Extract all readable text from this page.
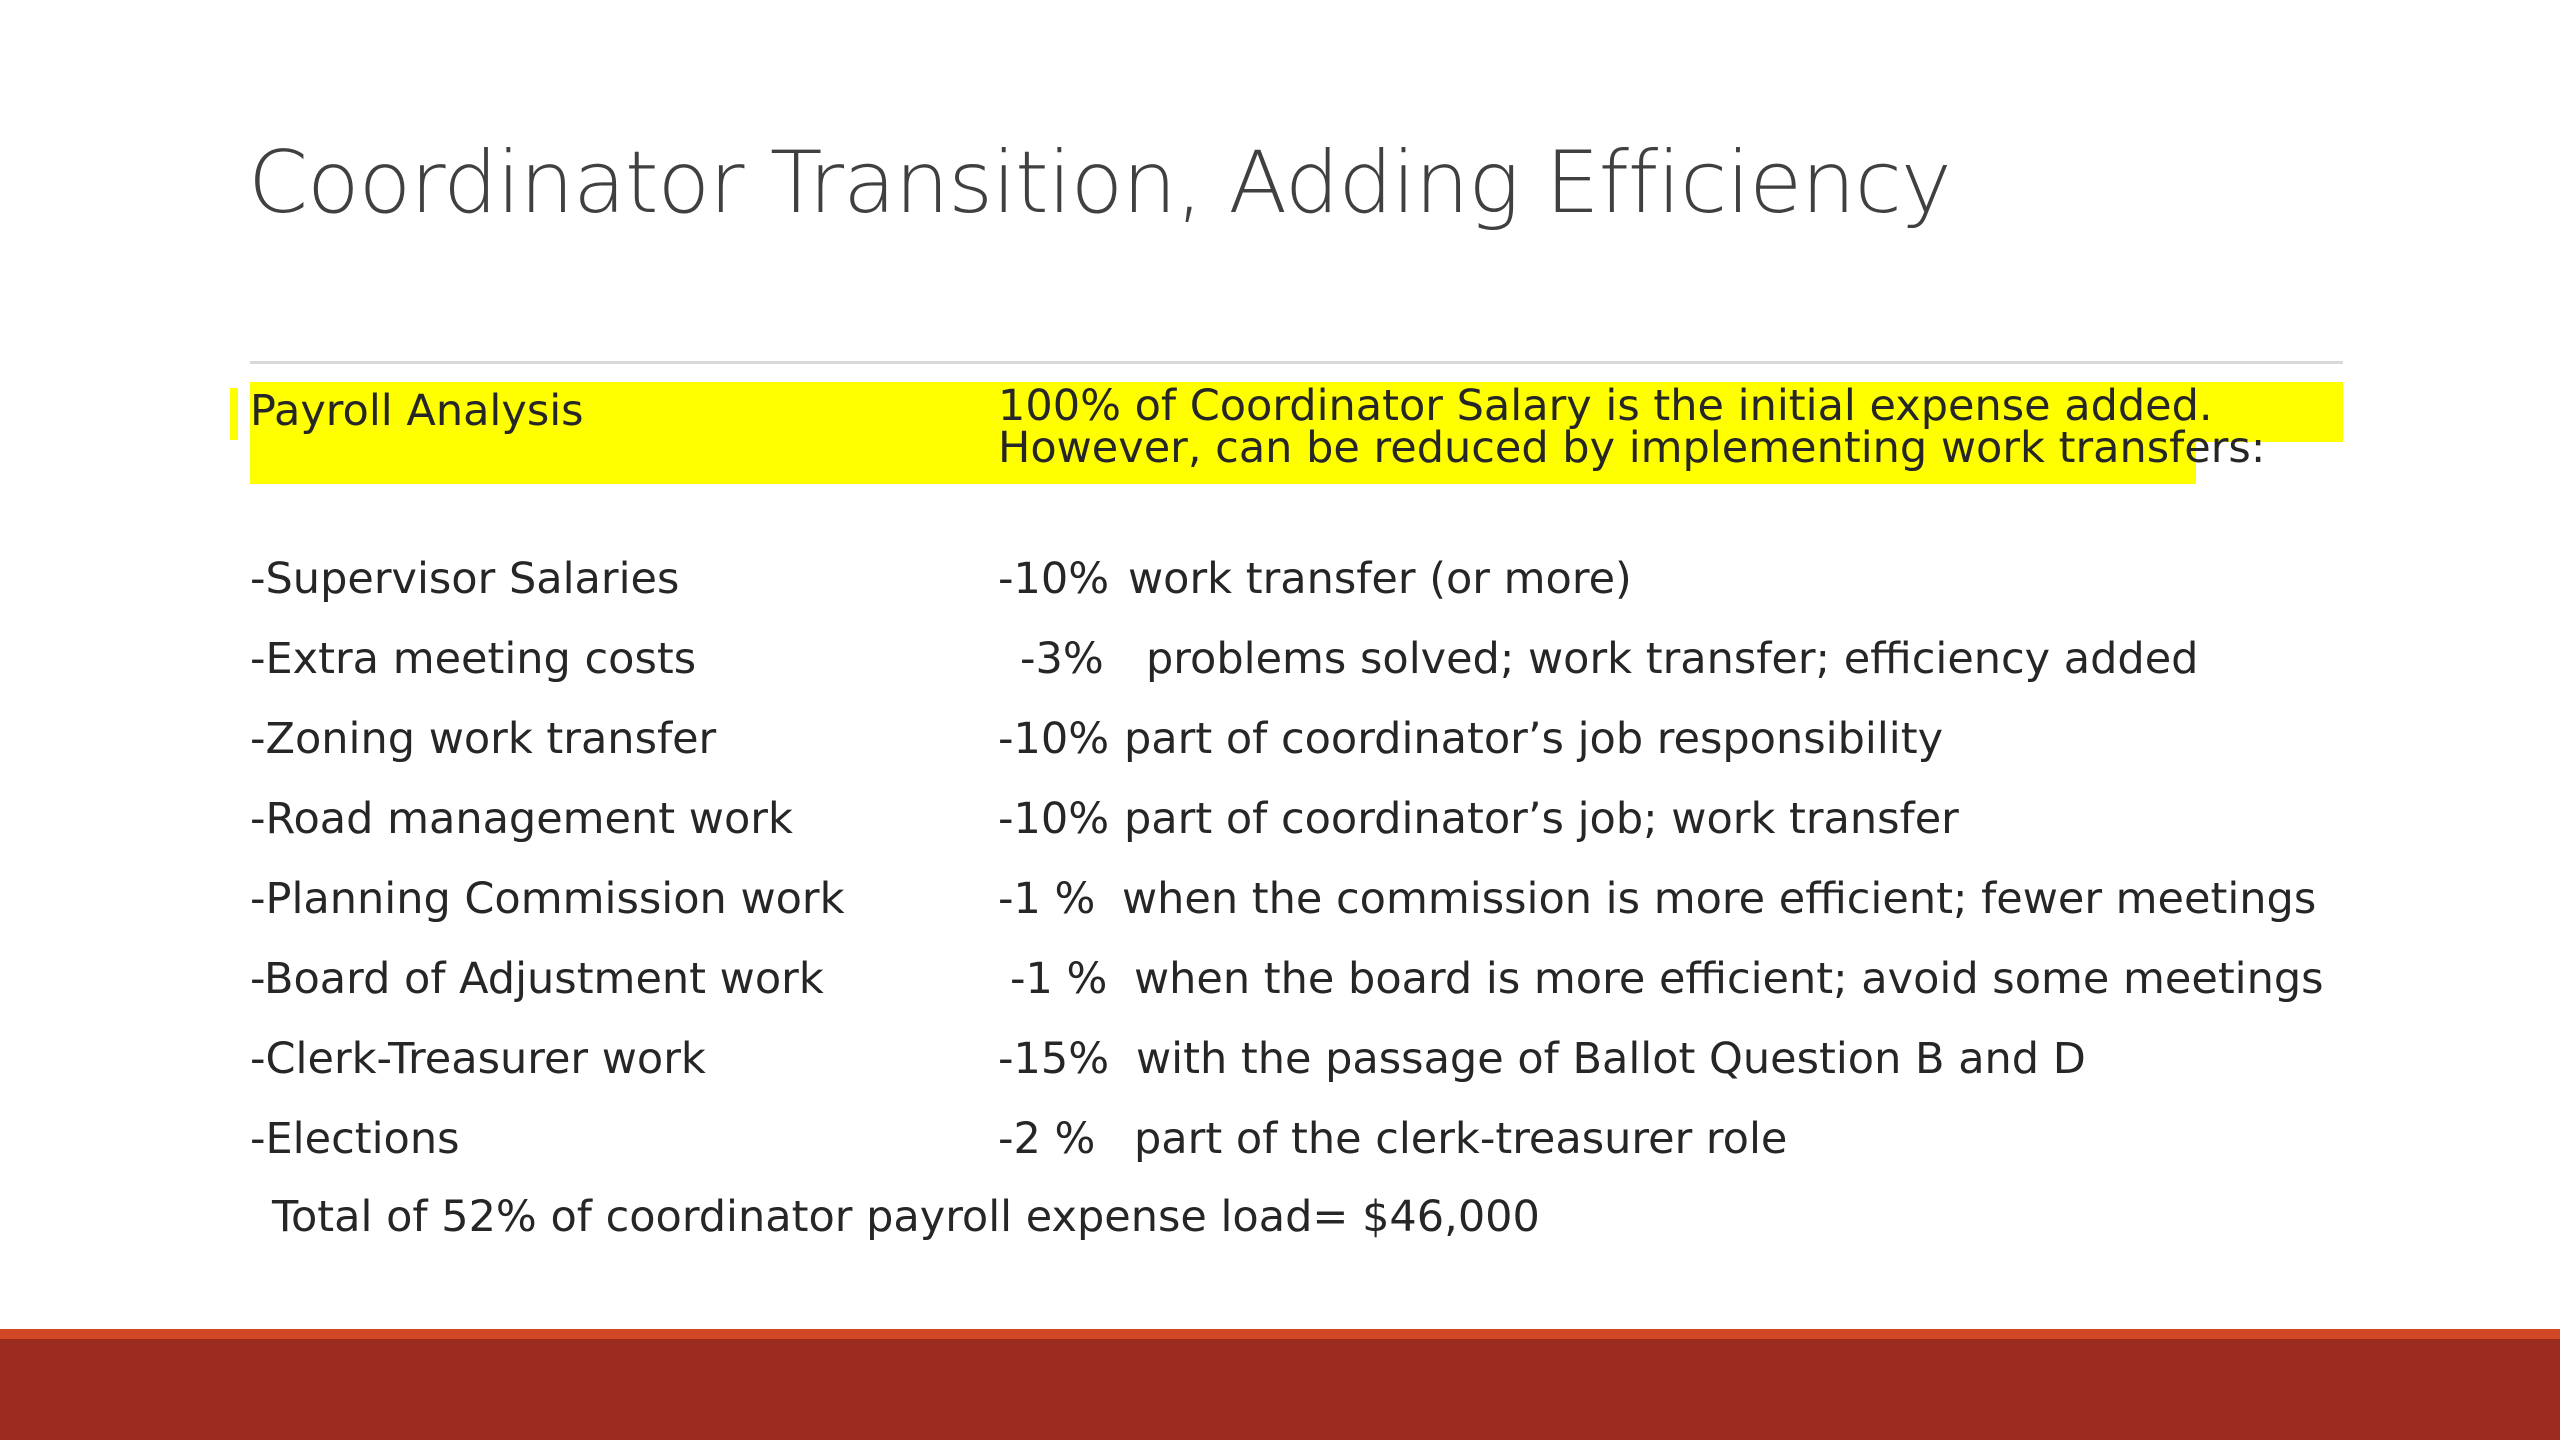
Coordinator Transition, Adding Efficiency
Payroll Analysis	100% of Coordinator Salary is the initial expense added.
However, can be reduced by implementing work transfers:
-Supervisor Salaries	-10% work transfer (or more)
-Extra meeting costs	-3% problems solved; work transfer; efficiency added
-Zoning work transfer	-10% part of coordinator’s job responsibility
-Road management work	-10% part of coordinator’s job; work transfer
-Planning Commission work	-1 % when the commission is more efficient; fewer meetings
-Board of Adjustment work	-1 % when the board is more efficient; avoid some meetings
-Clerk-Treasurer work	-15% with the passage of Ballot Question B and D
-Elections	-2 % part of the clerk-treasurer role
Total of 52% of coordinator payroll expense load= $46,000
